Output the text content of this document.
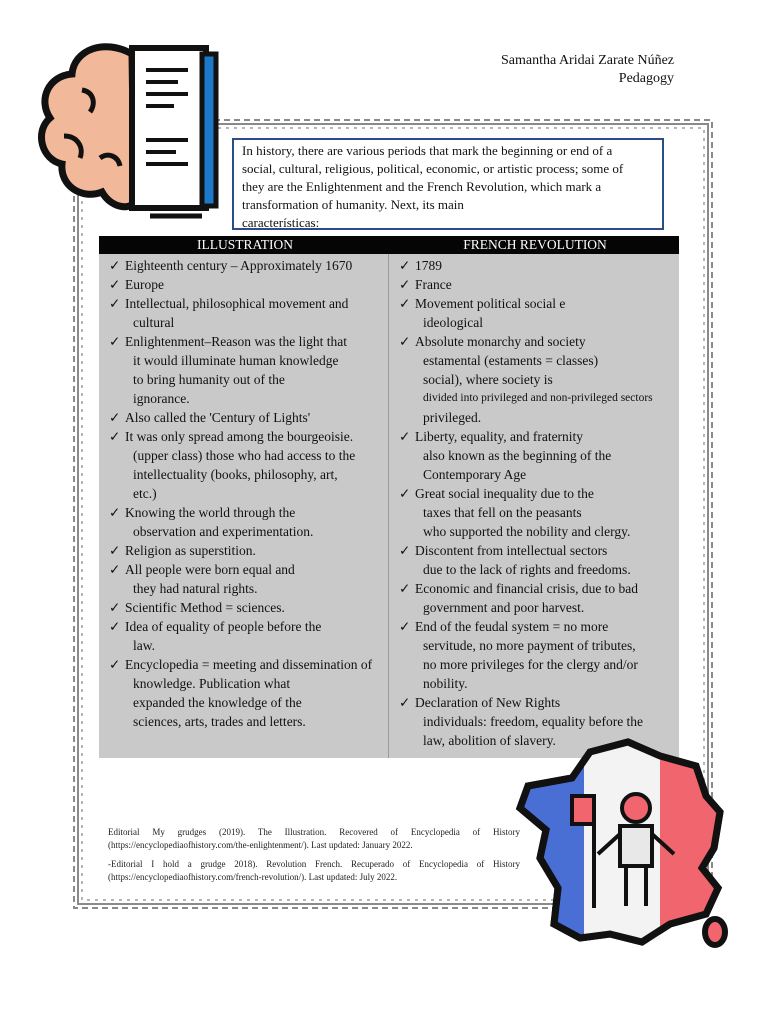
Samantha Aridai Zarate Núñez
Pedagogy
In history, there are various periods that mark the beginning or end of a
social, cultural, religious, political, economic, or artistic process; some of
they are the Enlightenment and the French Revolution, which mark a
transformation of humanity. Next, its main
características:
ILLUSTRATION	FRENCH REVOLUTION
✓ Eighteenth century – Approximately 1670
✓ Europe
✓ Intellectual, philosophical movement and
cultural
✓ Enlightenment–Reason was the light that
it would illuminate human knowledge
to bring humanity out of the
ignorance.
✓ Also called the 'Century of Lights'
✓ It was only spread among the bourgeoisie.
(upper class) those who had access to the
intellectuality (books, philosophy, art,
etc.)
✓ Knowing the world through the
observation and experimentation.
✓ Religion as superstition.
✓ All people were born equal and
they had natural rights.
✓ Scientific Method = sciences.
✓ Idea of equality of people before the
law.
✓ Encyclopedia = meeting and dissemination of
knowledge. Publication what
expanded the knowledge of the
sciences, arts, trades and letters.
✓ 1789
✓ France
✓ Movement political social e
ideological
✓ Absolute monarchy and society
estamental (estaments = classes)
social), where society is
divided into privileged and non-privileged sectors
privileged.
✓ Liberty, equality, and fraternity
also known as the beginning of the
Contemporary Age
✓ Great social inequality due to the
taxes that fell on the peasants
who supported the nobility and clergy.
✓ Discontent from intellectual sectors
due to the lack of rights and freedoms.
✓ Economic and financial crisis, due to bad
government and poor harvest.
✓ End of the feudal system = no more
servitude, no more payment of tributes,
no more privileges for the clergy and/or
nobility.
✓ Declaration of New Rights
individuals: freedom, equality before the
law, abolition of slavery.

Editorial My grudges (2019). The Illustration. Recovered of Encyclopedia of History (https://encyclopediaofhistory.com/the-enlightenment/). Last updated: January 2022.

-Editorial I hold a grudge 2018). Revolution French. Recuperado of Encyclopedia of History (https://encyclopediaofhistory.com/french-revolution/). Last updated: July 2022.
